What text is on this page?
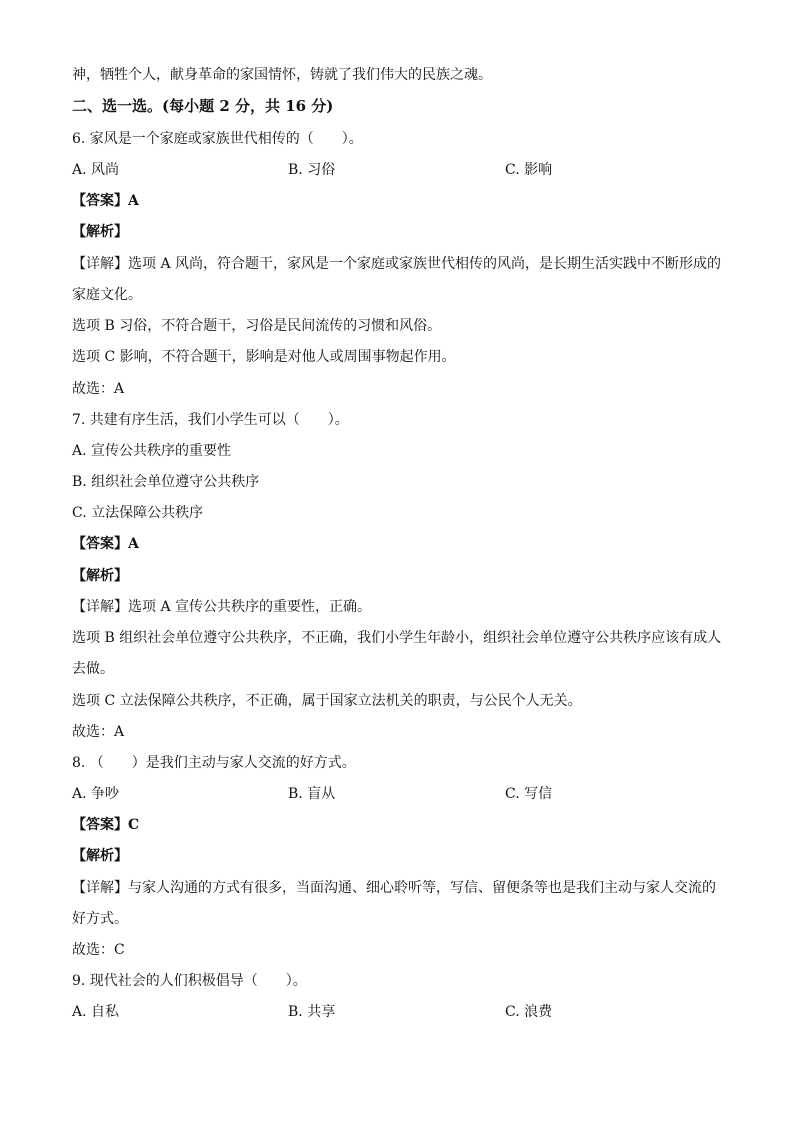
神，牺牲个人，献身革命的家国情怀，铸就了我们伟大的民族之魂。
二、选一选。(每小题 2 分，共 16 分)
6. 家风是一个家庭或家族世代相传的（　　）。
A. 风尚	B. 习俗	C. 影响
【答案】A
【解析】
【详解】选项 A 风尚，符合题干，家风是一个家庭或家族世代相传的风尚，是长期生活实践中不断形成的
家庭文化。
选项 B 习俗，不符合题干，习俗是民间流传的习惯和风俗。
选项 C 影响，不符合题干，影响是对他人或周围事物起作用。
故选：A
7. 共建有序生活，我们小学生可以（　　）。
A. 宣传公共秩序的重要性
B. 组织社会单位遵守公共秩序
C. 立法保障公共秩序
【答案】A
【解析】
【详解】选项 A 宣传公共秩序的重要性，正确。
选项 B 组织社会单位遵守公共秩序，不正确，我们小学生年龄小，组织社会单位遵守公共秩序应该有成人
去做。
选项 C 立法保障公共秩序，不正确，属于国家立法机关的职责，与公民个人无关。
故选：A
8. （　　）是我们主动与家人交流的好方式。
A. 争吵	B. 盲从	C. 写信
【答案】C
【解析】
【详解】与家人沟通的方式有很多，当面沟通、细心聆听等，写信、留便条等也是我们主动与家人交流的
好方式。
故选：C
9. 现代社会的人们积极倡导（　　）。
A. 自私	B. 共享	C. 浪费
